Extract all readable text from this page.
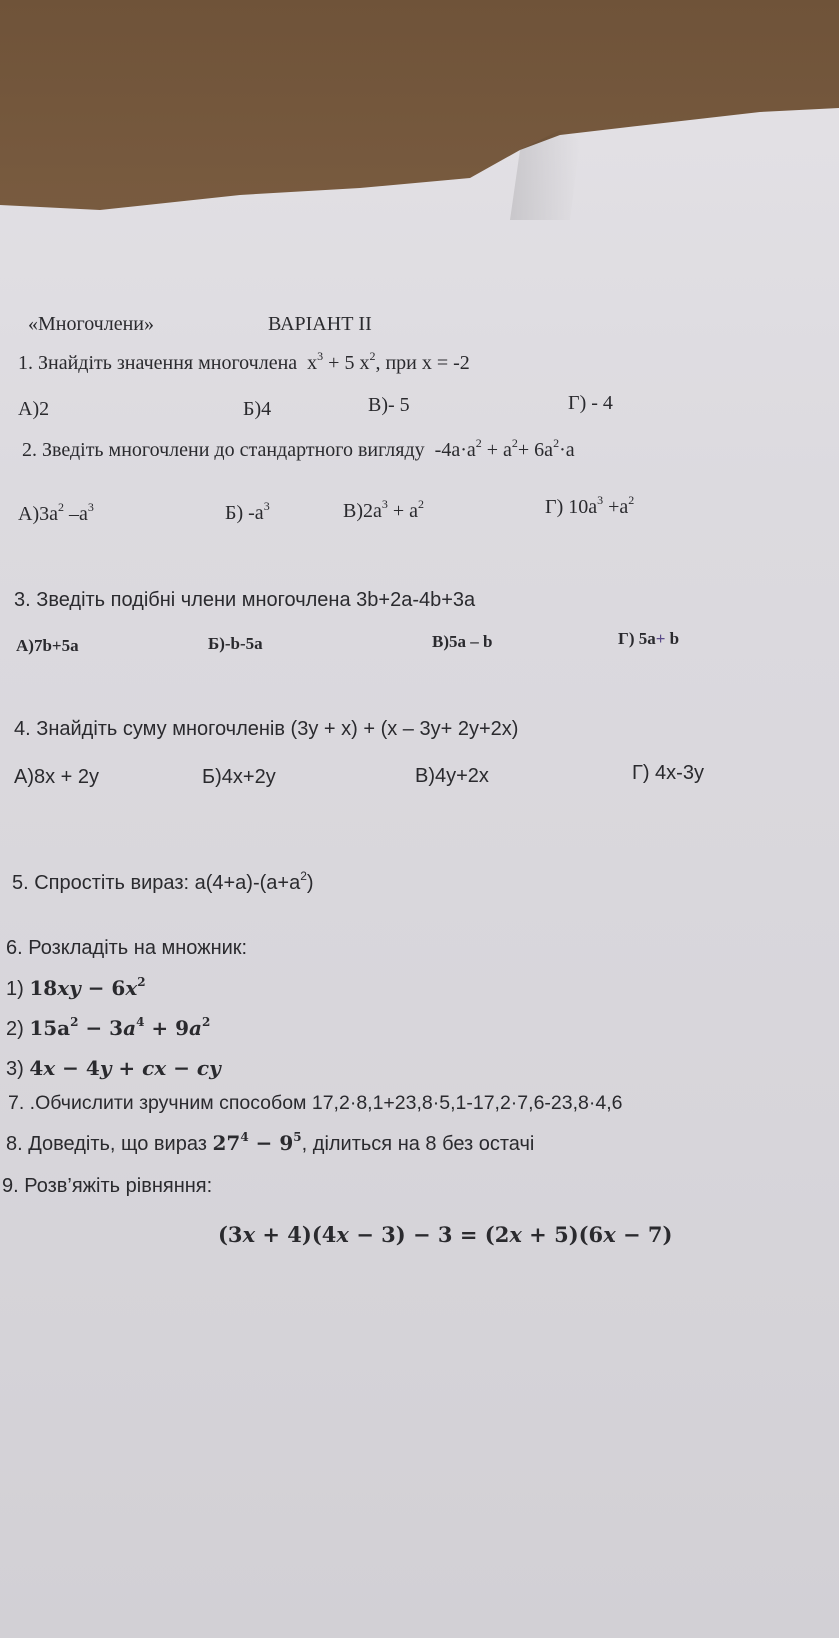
«Многочлени»	ВАРІАНТ ІІ
1. Знайдіть значення многочлена $x^3 + 5$ $x^2$, при x = -2
А)2	Б)4	В)- 5	Г) - 4
2. Зведіть многочлени до стандартного вигляду $-4a\cdot a^2 + a^2+ 6a^2\cdot a$
$А)3a^2$ $-a^3$	Б) $-a^3$	$В)2a^3 + a^2$	Г) $10a^3 +a^2$
3. Зведіть подібні члени многочлена 3b+2a-4b+3a
А)7b+5a	Б)-b-5a	В)5a – b	Г) 5a+ b
4. Знайдіть суму многочленів (3y + x) + (x – 3y+ 2y+2x)
А)8x + 2y	Б)4x+2y	В)4y+2x	Г) 4x-3y
5. Спростіть вираз: $a(4+a)-(a+a^2)$
6. Розкладіть на множник:
1) $18xy - 6x^2$
2) $15a^2 - 3a^4 + 9a^2$
3) 4x − 4y + cx − cy
7. .Обчислити зручним способом 17,2·8,1+23,8·5,1-17,2·7,6-23,8·4,6
8. Доведіть, що вираз $27^4 - 9^5$, ділиться на 8 без остачі
9. Розв’яжіть рівняння:
(3x + 4)(4x − 3) − 3 = (2x + 5)(6x − 7)
